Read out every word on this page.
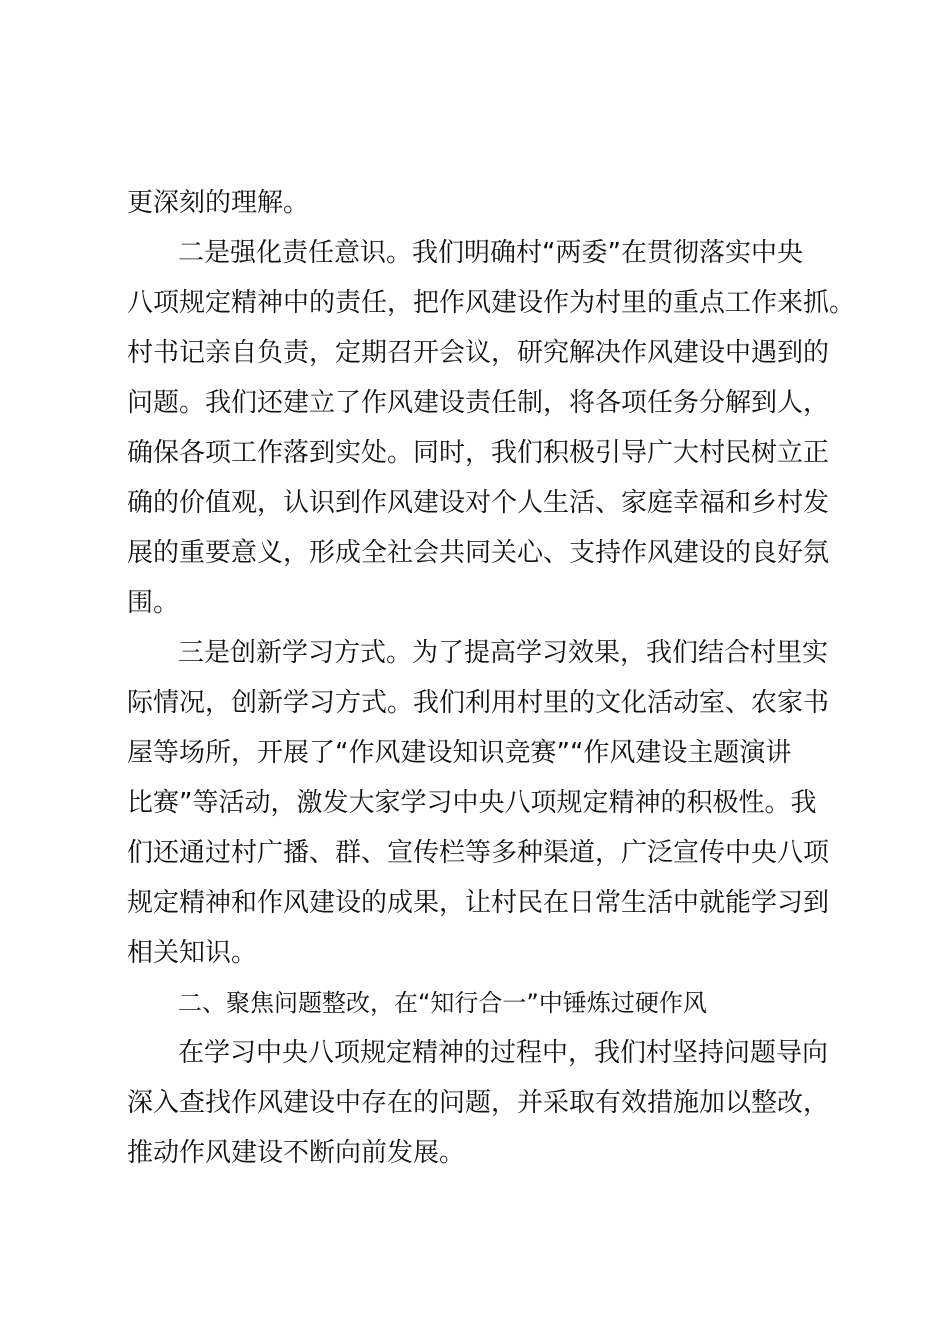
更深刻的理解。
二是强化责任意识。我们明确村“两委”在贯彻落实中央
八项规定精神中的责任，把作风建设作为村里的重点工作来抓。
村书记亲自负责，定期召开会议，研究解决作风建设中遇到的
问题。我们还建立了作风建设责任制，将各项任务分解到人，
确保各项工作落到实处。同时，我们积极引导广大村民树立正
确的价值观，认识到作风建设对个人生活、家庭幸福和乡村发
展的重要意义，形成全社会共同关心、支持作风建设的良好氛
围。
三是创新学习方式。为了提高学习效果，我们结合村里实
际情况，创新学习方式。我们利用村里的文化活动室、农家书
屋等场所，开展了“作风建设知识竞赛”“作风建设主题演讲
比赛”等活动，激发大家学习中央八项规定精神的积极性。我
们还通过村广播、群、宣传栏等多种渠道，广泛宣传中央八项
规定精神和作风建设的成果，让村民在日常生活中就能学习到
相关知识。
二、聚焦问题整改，在“知行合一”中锤炼过硬作风
在学习中央八项规定精神的过程中，我们村坚持问题导向
深入查找作风建设中存在的问题，并采取有效措施加以整改，
推动作风建设不断向前发展。
